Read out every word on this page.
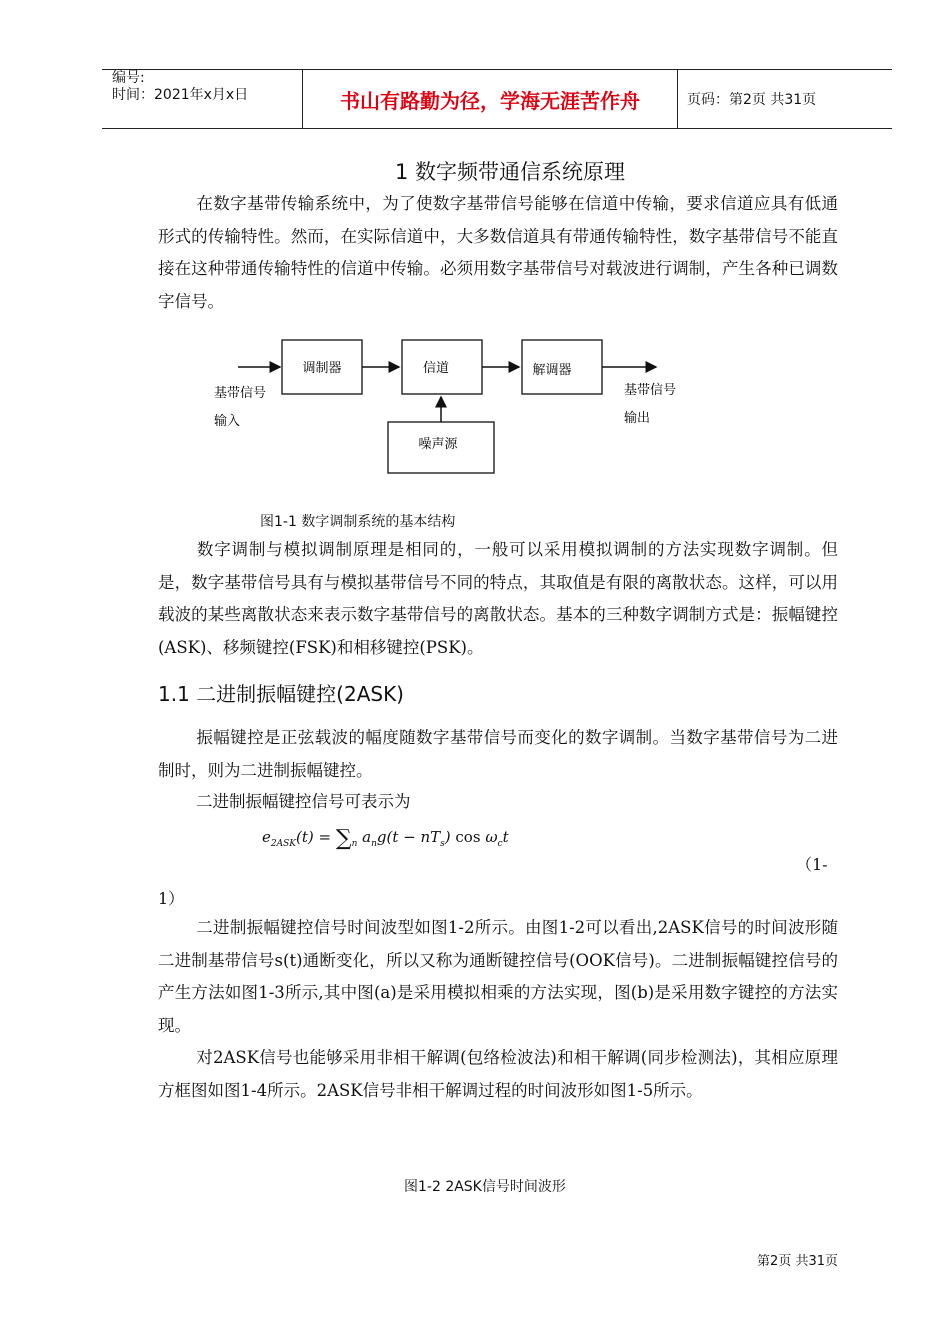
编号:
时间：2021年x月x日	书山有路勤为径，学海无涯苦作舟	页码：第2页 共31页
1 数字频带通信系统原理
在数字基带传输系统中，为了使数字基带信号能够在信道中传输，要求信道应具有低通形式的传输特性。然而，在实际信道中，大多数信道具有带通传输特性，数字基带信号不能直接在这种带通传输特性的信道中传输。必须用数字基带信号对载波进行调制，产生各种已调数字信号。
调制器	信道	解调器
噪声源
基带信号
输入
基带信号
输出
图1-1 数字调制系统的基本结构
数字调制与模拟调制原理是相同的，一般可以采用模拟调制的方法实现数字调制。但是，数字基带信号具有与模拟基带信号不同的特点，其取值是有限的离散状态。这样，可以用载波的某些离散状态来表示数字基带信号的离散状态。基本的三种数字调制方式是：振幅键控(ASK)、移频键控(FSK)和相移键控(PSK)。
1.1 二进制振幅键控(2ASK)
振幅键控是正弦载波的幅度随数字基带信号而变化的数字调制。当数字基带信号为二进制时，则为二进制振幅键控。
二进制振幅键控信号可表示为
$e_{2ASK}(t) = \sum_n$ $a_ng(t - nT_s)$ $\cos \omega_ct$
（1-
1）
二进制振幅键控信号时间波型如图1-2所示。由图1-2可以看出,2ASK信号的时间波形随二进制基带信号s(t)通断变化，所以又称为通断键控信号(OOK信号)。二进制振幅键控信号的产生方法如图1-3所示,其中图(a)是采用模拟相乘的方法实现，图(b)是采用数字键控的方法实现。
对2ASK信号也能够采用非相干解调(包络检波法)和相干解调(同步检测法)，其相应原理方框图如图1-4所示。2ASK信号非相干解调过程的时间波形如图1-5所示。
图1-2 2ASK信号时间波形
第2页 共31页
